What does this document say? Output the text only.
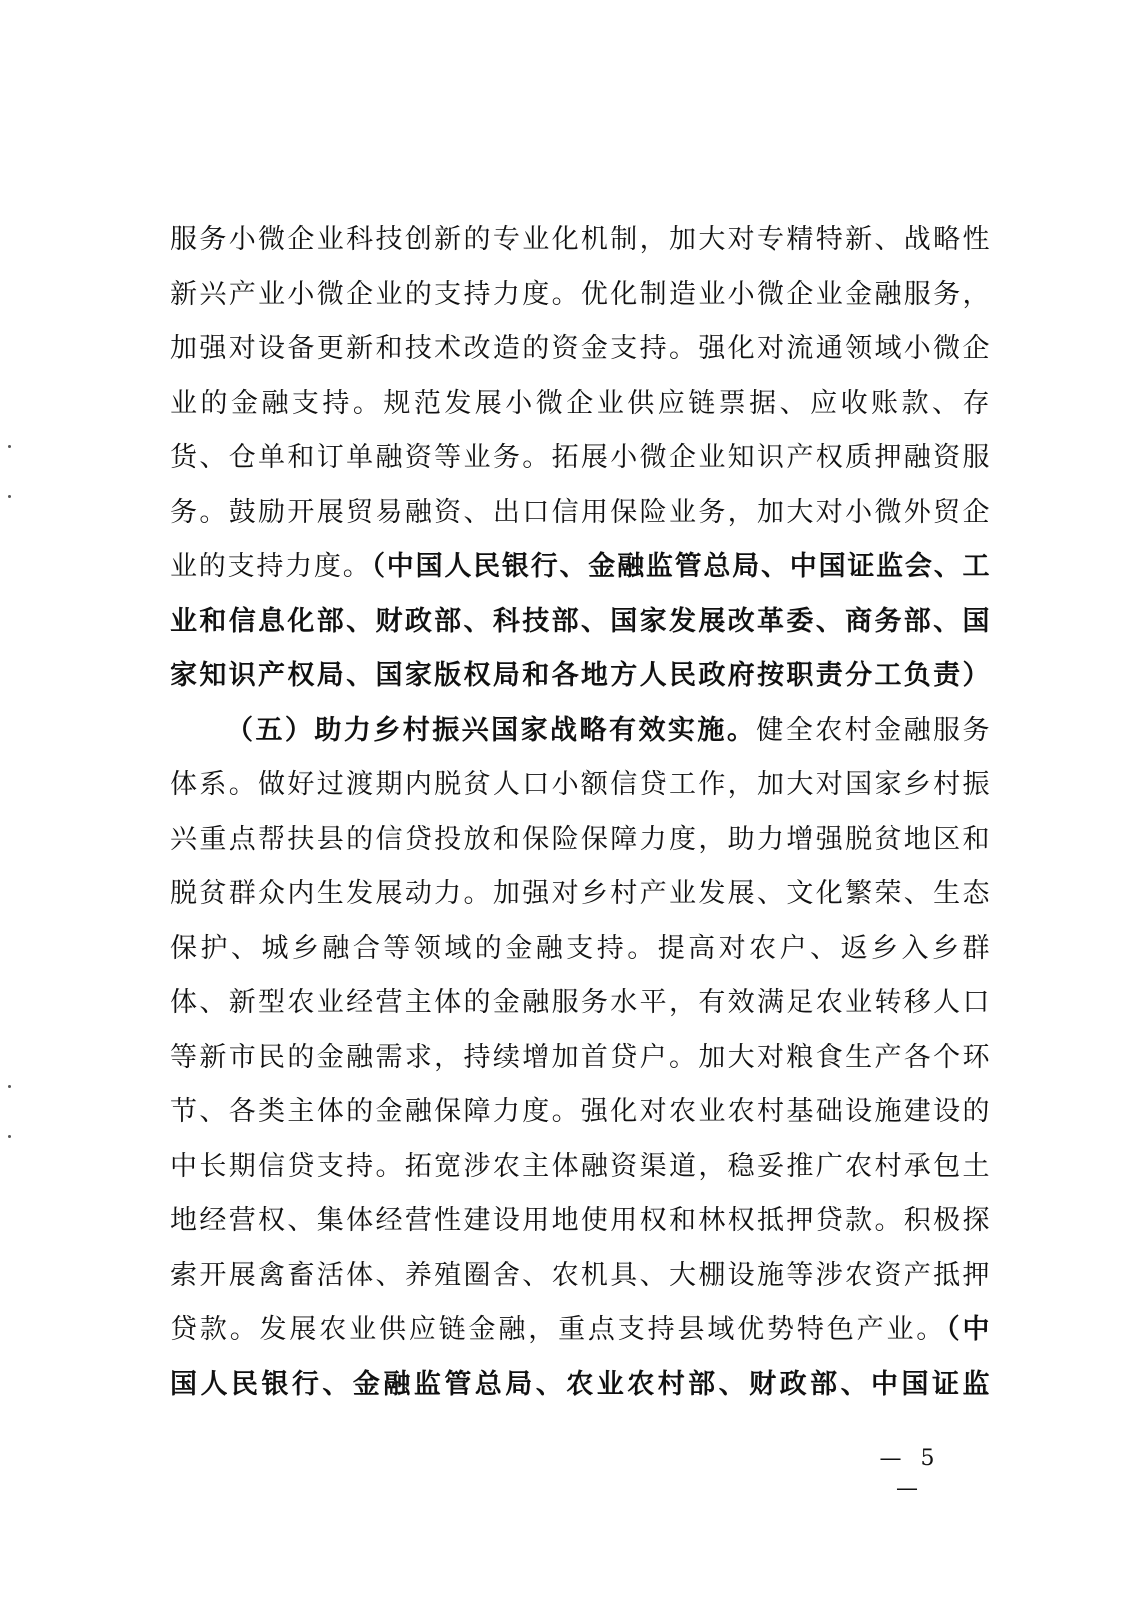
服务小微企业科技创新的专业化机制，加大对专精特新、战略性
新兴产业小微企业的支持力度。优化制造业小微企业金融服务，
加强对设备更新和技术改造的资金支持。强化对流通领域小微企
业的金融支持。规范发展小微企业供应链票据、应收账款、存
货、仓单和订单融资等业务。拓展小微企业知识产权质押融资服
务。鼓励开展贸易融资、出口信用保险业务，加大对小微外贸企
业的支持力度。（中国人民银行、金融监管总局、中国证监会、工
业和信息化部、财政部、科技部、国家发展改革委、商务部、国
家知识产权局、国家版权局和各地方人民政府按职责分工负责）
（五）助力乡村振兴国家战略有效实施。健全农村金融服务
体系。做好过渡期内脱贫人口小额信贷工作，加大对国家乡村振
兴重点帮扶县的信贷投放和保险保障力度，助力增强脱贫地区和
脱贫群众内生发展动力。加强对乡村产业发展、文化繁荣、生态
保护、城乡融合等领域的金融支持。提高对农户、返乡入乡群
体、新型农业经营主体的金融服务水平，有效满足农业转移人口
等新市民的金融需求，持续增加首贷户。加大对粮食生产各个环
节、各类主体的金融保障力度。强化对农业农村基础设施建设的
中长期信贷支持。拓宽涉农主体融资渠道，稳妥推广农村承包土
地经营权、集体经营性建设用地使用权和林权抵押贷款。积极探
索开展禽畜活体、养殖圈舍、农机具、大棚设施等涉农资产抵押
贷款。发展农业供应链金融，重点支持县域优势特色产业。（中
国人民银行、金融监管总局、农业农村部、财政部、中国证监
— 5 —
